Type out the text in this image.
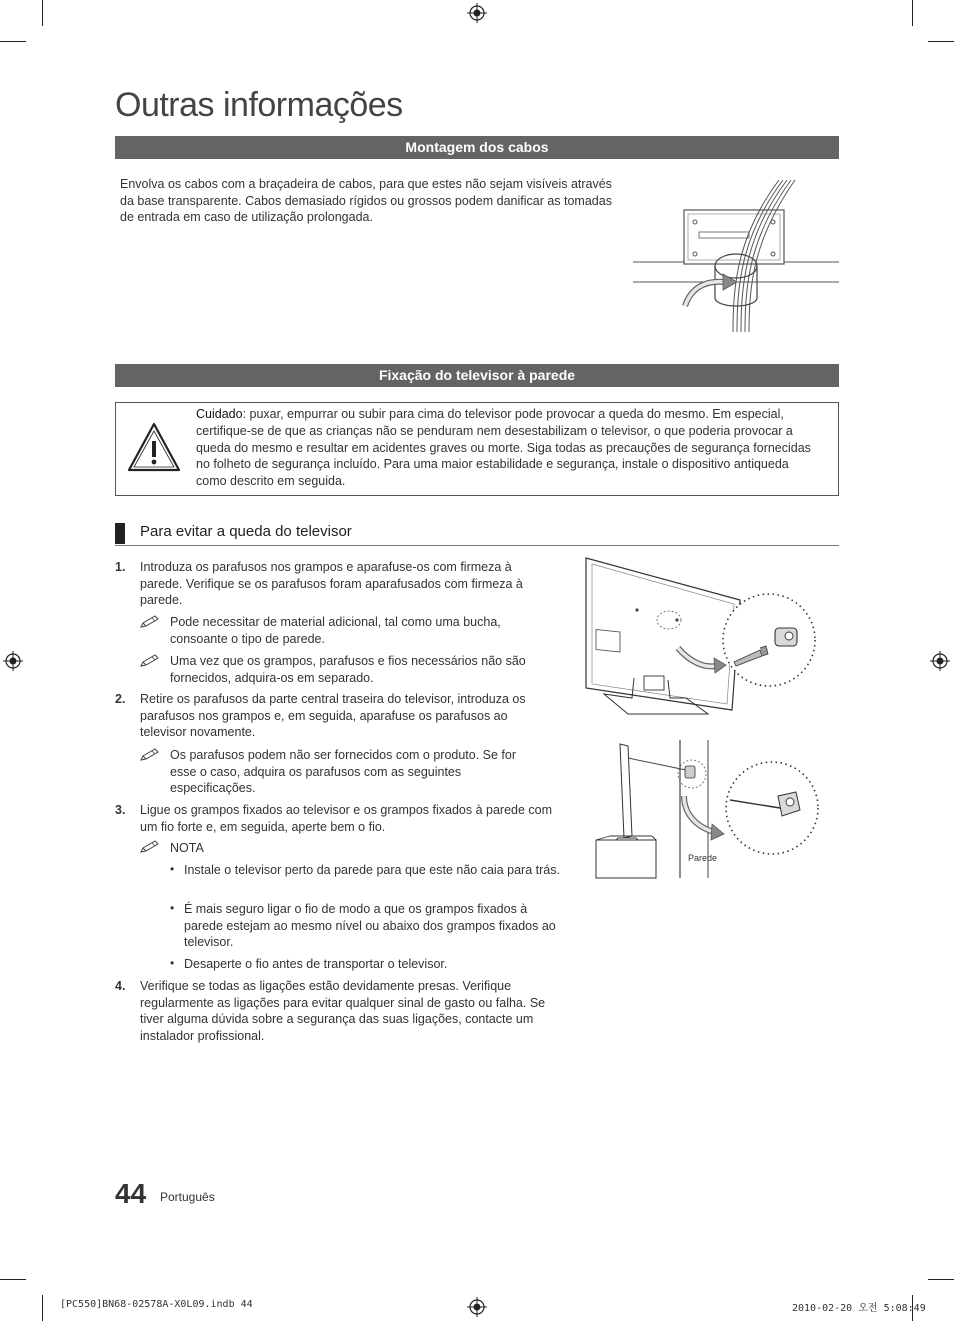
Outras informações
Montagem dos cabos
Envolva os cabos com a braçadeira de cabos, para que estes não sejam visíveis através da base transparente. Cabos demasiado rígidos ou grossos podem danificar as tomadas de entrada em caso de utilização prolongada.
Fixação do televisor à parede
Cuidado: puxar, empurrar ou subir para cima do televisor pode provocar a queda do mesmo. Em especial, certifique-se de que as crianças não se penduram nem desestabilizam o televisor, o que poderia provocar a queda do mesmo e resultar em acidentes graves ou morte. Siga todas as precauções de segurança fornecidas no folheto de segurança incluído. Para uma maior estabilidade e segurança, instale o dispositivo antiqueda como descrito em seguida.
Para evitar a queda do televisor
1. Introduza os parafusos nos grampos e aparafuse-os com firmeza à parede. Verifique se os parafusos foram aparafusados com firmeza à parede.
Pode necessitar de material adicional, tal como uma bucha, consoante o tipo de parede.
Uma vez que os grampos, parafusos e fios necessários não são fornecidos, adquira-os em separado.
2. Retire os parafusos da parte central traseira do televisor, introduza os parafusos nos grampos e, em seguida, aparafuse os parafusos ao televisor novamente.
Os parafusos podem não ser fornecidos com o produto. Se for esse o caso, adquira os parafusos com as seguintes especificações.
3. Ligue os grampos fixados ao televisor e os grampos fixados à parede com um fio forte e, em seguida, aperte bem o fio.
NOTA
• Instale o televisor perto da parede para que este não caia para trás.
• É mais seguro ligar o fio de modo a que os grampos fixados à parede estejam ao mesmo nível ou abaixo dos grampos fixados ao televisor.
• Desaperte o fio antes de transportar o televisor.
4. Verifique se todas as ligações estão devidamente presas. Verifique regularmente as ligações para evitar qualquer sinal de gasto ou falha. Se tiver alguma dúvida sobre a segurança das suas ligações, contacte um instalador profissional.
Parede
44 Português
[PC550]BN68-02578A-X0L09.indb 44	2010-02-20 오전 5:08:49
